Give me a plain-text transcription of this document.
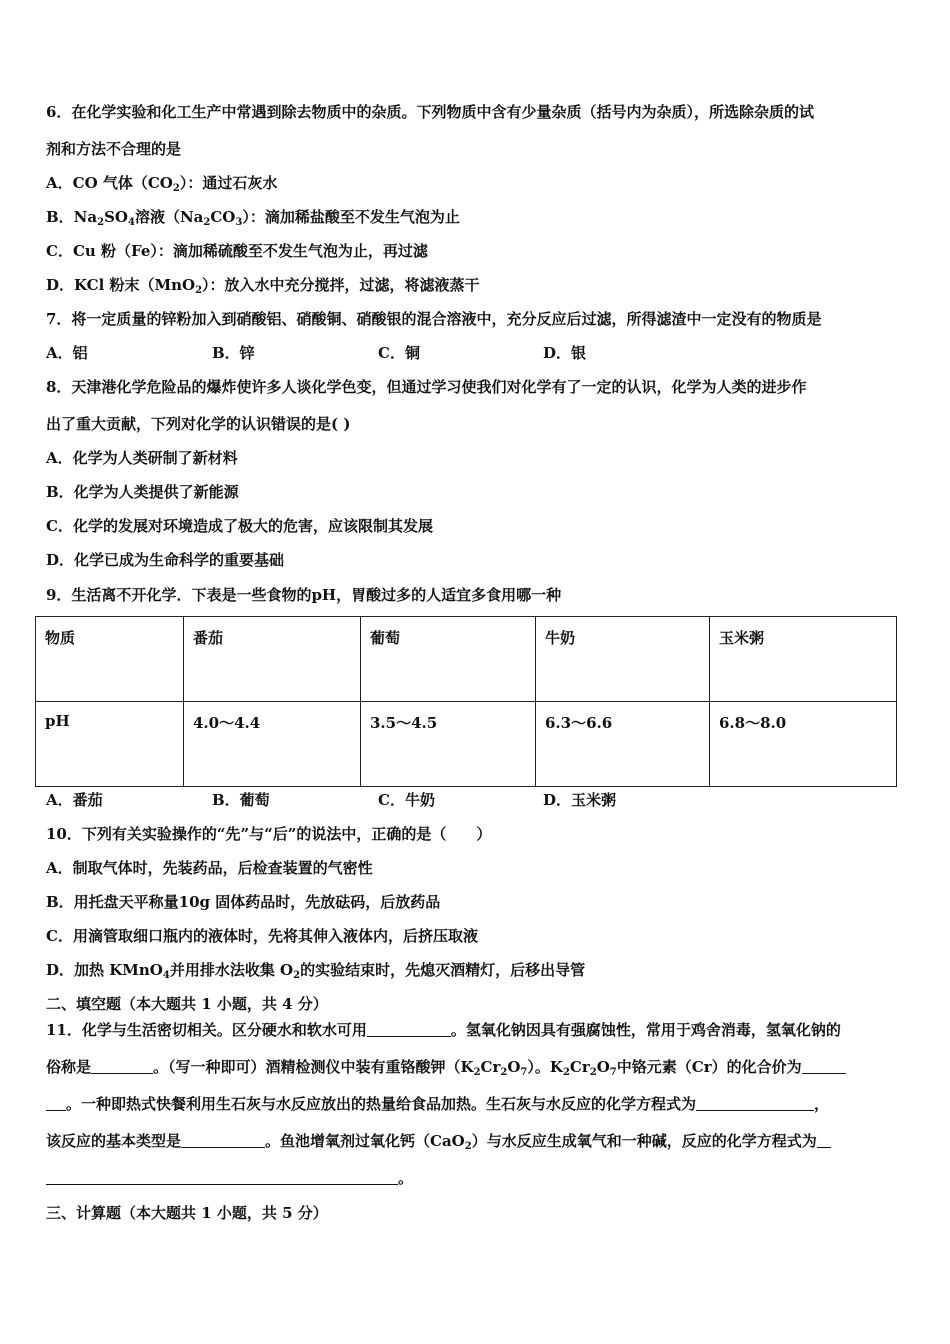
6．在化学实验和化工生产中常遇到除去物质中的杂质。下列物质中含有少量杂质（括号内为杂质），所选除杂质的试
剂和方法不合理的是
A．CO 气体$(CO_2)$：通过石灰水
B．$Na_2SO_4$溶液$(Na_2CO_3)$：滴加稀盐酸至不发生气泡为止
C．Cu 粉（Fe）：滴加稀硫酸至不发生气泡为止，再过滤
D．KCl 粉末（MnO$_2$）：放入水中充分搅拌，过滤，将滤液蒸干
7．将一定质量的锌粉加入到硝酸铝、硝酸铜、硝酸银的混合溶液中，充分反应后过滤，所得滤渣中一定没有的物质是
A．铝	B．锌	C．铜	D．银
8．天津港化学危险品的爆炸使许多人谈化学色变，但通过学习使我们对化学有了一定的认识，化学为人类的进步作
出了重大贡献，下列对化学的认识错误的是( )
A．化学为人类研制了新材料
B．化学为人类提供了新能源
C．化学的发展对环境造成了极大的危害，应该限制其发展
D．化学已成为生命科学的重要基础
9．生活离不开化学．下表是一些食物的pH，胃酸过多的人适宜多食用哪一种
物质	番茄	葡萄	牛奶	玉米粥
pH	4.0～4.4	3.5～4.5	6.3～6.6	6.8～8.0
A．番茄	B．葡萄	C．牛奶	D．玉米粥
10．下列有关实验操作的“先”与“后”的说法中，正确的是（　　）
A．制取气体时，先装药品，后检查装置的气密性
B．用托盘天平称量10g 固体药品时，先放砝码，后放药品
C．用滴管取细口瓶内的液体时，先将其伸入液体内，后挤压取液
D．加热 KMnO$_4$并用排水法收集 $O_2$的实验结束时，先熄灭酒精灯，后移出导管
二、填空题（本大题共 1 小题，共 4 分）
11．化学与生活密切相关。区分硬水和软水可用	。氢氧化钠因具有强腐蚀性，常用于鸡舍消毒，氢氧化钠的
俗称是	。（写一种即可）酒精检测仪中装有重铬酸钾$(K_2Cr_2O_7)$。$K_2Cr_2O_7$中铬元素（Cr）的化合价为
。一种即热式快餐利用生石灰与水反应放出的热量给食品加热。生石灰与水反应的化学方程式为	，
该反应的基本类型是	。鱼池增氧剂过氧化钙（CaO$_2$）与水反应生成氧气和一种碱，反应的化学方程式为
。
三、计算题（本大题共 1 小题，共 5 分）
